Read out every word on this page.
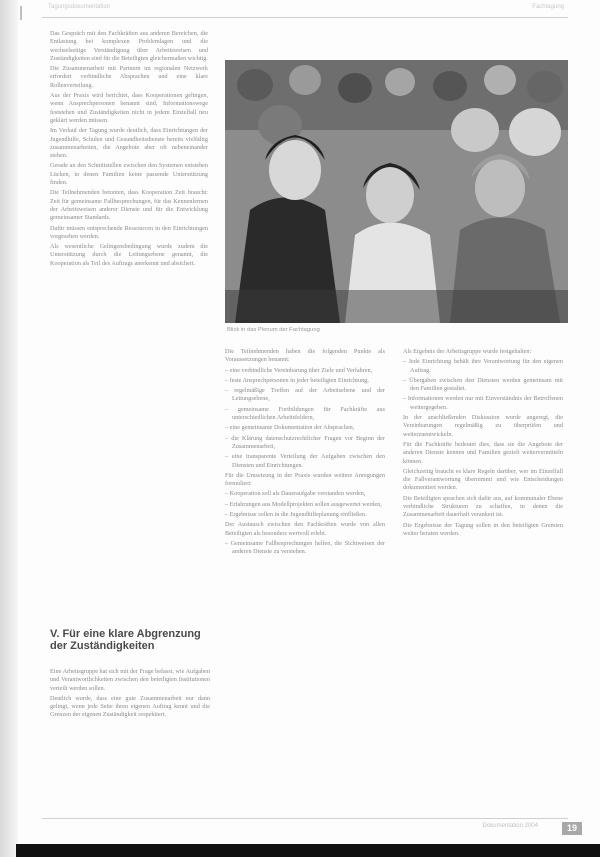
Tagungsdokumentation	Fachtagung

Das Gespräch mit den Fachkräften aus anderen Bereichen, die Entlastung bei komplexen Problemlagen und die wechselseitige Verständigung über Arbeitsweisen und Zuständigkeiten sind für die Beteiligten gleichermaßen wichtig.

Die Zusammenarbeit mit Partnern im regionalen Netzwerk erfordert verbindliche Absprachen und eine klare Rollenverteilung.

Aus der Praxis wird berichtet, dass Kooperationen gelingen, wenn Ansprechpersonen benannt sind, Informationswege feststehen und Zuständigkeiten nicht in jedem Einzelfall neu geklärt werden müssen.

Im Verlauf der Tagung wurde deutlich, dass Einrichtungen der Jugendhilfe, Schulen und Gesundheitsdienste bereits vielfältig zusammenarbeiten, die Angebote aber oft nebeneinander stehen.

Gerade an den Schnittstellen zwischen den Systemen entstehen Lücken, in denen Familien keine passende Unterstützung finden.

Die Teilnehmenden betonten, dass Kooperation Zeit braucht: Zeit für gemeinsame Fallbesprechungen, für das Kennenlernen der Arbeitsweisen anderer Dienste und für die Entwicklung gemeinsamer Standards.

Dafür müssen entsprechende Ressourcen in den Einrichtungen vorgesehen werden.

Als wesentliche Gelingensbedingung wurde zudem die Unterstützung durch die Leitungsebene genannt, die Kooperation als Teil des Auftrags anerkennt und absichert.

V. Für eine klare Abgrenzung der Zuständigkeiten

Eine Arbeitsgruppe hat sich mit der Frage befasst, wie Aufgaben und Verantwortlichkeiten zwischen den beteiligten Institutionen verteilt werden sollen.

Deutlich wurde, dass eine gute Zusammenarbeit nur dann gelingt, wenn jede Seite ihren eigenen Auftrag kennt und die Grenzen der eigenen Zuständigkeit respektiert.

Blick in das Plenum der Fachtagung

Die Teilnehmenden haben die folgenden Punkte als Voraussetzungen benannt:

– eine verbindliche Vereinbarung über Ziele und Verfahren,

– feste Ansprechpersonen in jeder beteiligten Einrichtung,

– regelmäßige Treffen auf der Arbeitsebene und der Leitungsebene,

– gemeinsame Fortbildungen für Fachkräfte aus unterschiedlichen Arbeitsfeldern,

– eine gemeinsame Dokumentation der Absprachen,

– die Klärung datenschutzrechtlicher Fragen vor Beginn der Zusammenarbeit,

– eine transparente Verteilung der Aufgaben zwischen den Diensten und Einrichtungen.

Für die Umsetzung in der Praxis wurden weitere Anregungen formuliert:

– Kooperation soll als Daueraufgabe verstanden werden,

– Erfahrungen aus Modellprojekten sollen ausgewertet werden,

– Ergebnisse sollen in die Jugendhilfeplanung einfließen.

Der Austausch zwischen den Fachkräften wurde von allen Beteiligten als besonders wertvoll erlebt.

– Gemeinsame Fallbesprechungen helfen, die Sichtweisen der anderen Dienste zu verstehen.

Als Ergebnis der Arbeitsgruppe wurde festgehalten:

– Jede Einrichtung behält ihre Verantwortung für den eigenen Auftrag.

– Übergaben zwischen den Diensten werden gemeinsam mit den Familien gestaltet.

– Informationen werden nur mit Einverständnis der Betroffenen weitergegeben.

In der anschließenden Diskussion wurde angeregt, die Vereinbarungen regelmäßig zu überprüfen und weiterzuentwickeln.

Für die Fachkräfte bedeutet dies, dass sie die Angebote der anderen Dienste kennen und Familien gezielt weitervermitteln können.

Gleichzeitig braucht es klare Regeln darüber, wer im Einzelfall die Fallverantwortung übernimmt und wie Entscheidungen dokumentiert werden.

Die Beteiligten sprachen sich dafür aus, auf kommunaler Ebene verbindliche Strukturen zu schaffen, in denen die Zusammenarbeit dauerhaft verankert ist.

Die Ergebnisse der Tagung sollen in den beteiligten Gremien weiter beraten werden.

Dokumentation 2004	19
